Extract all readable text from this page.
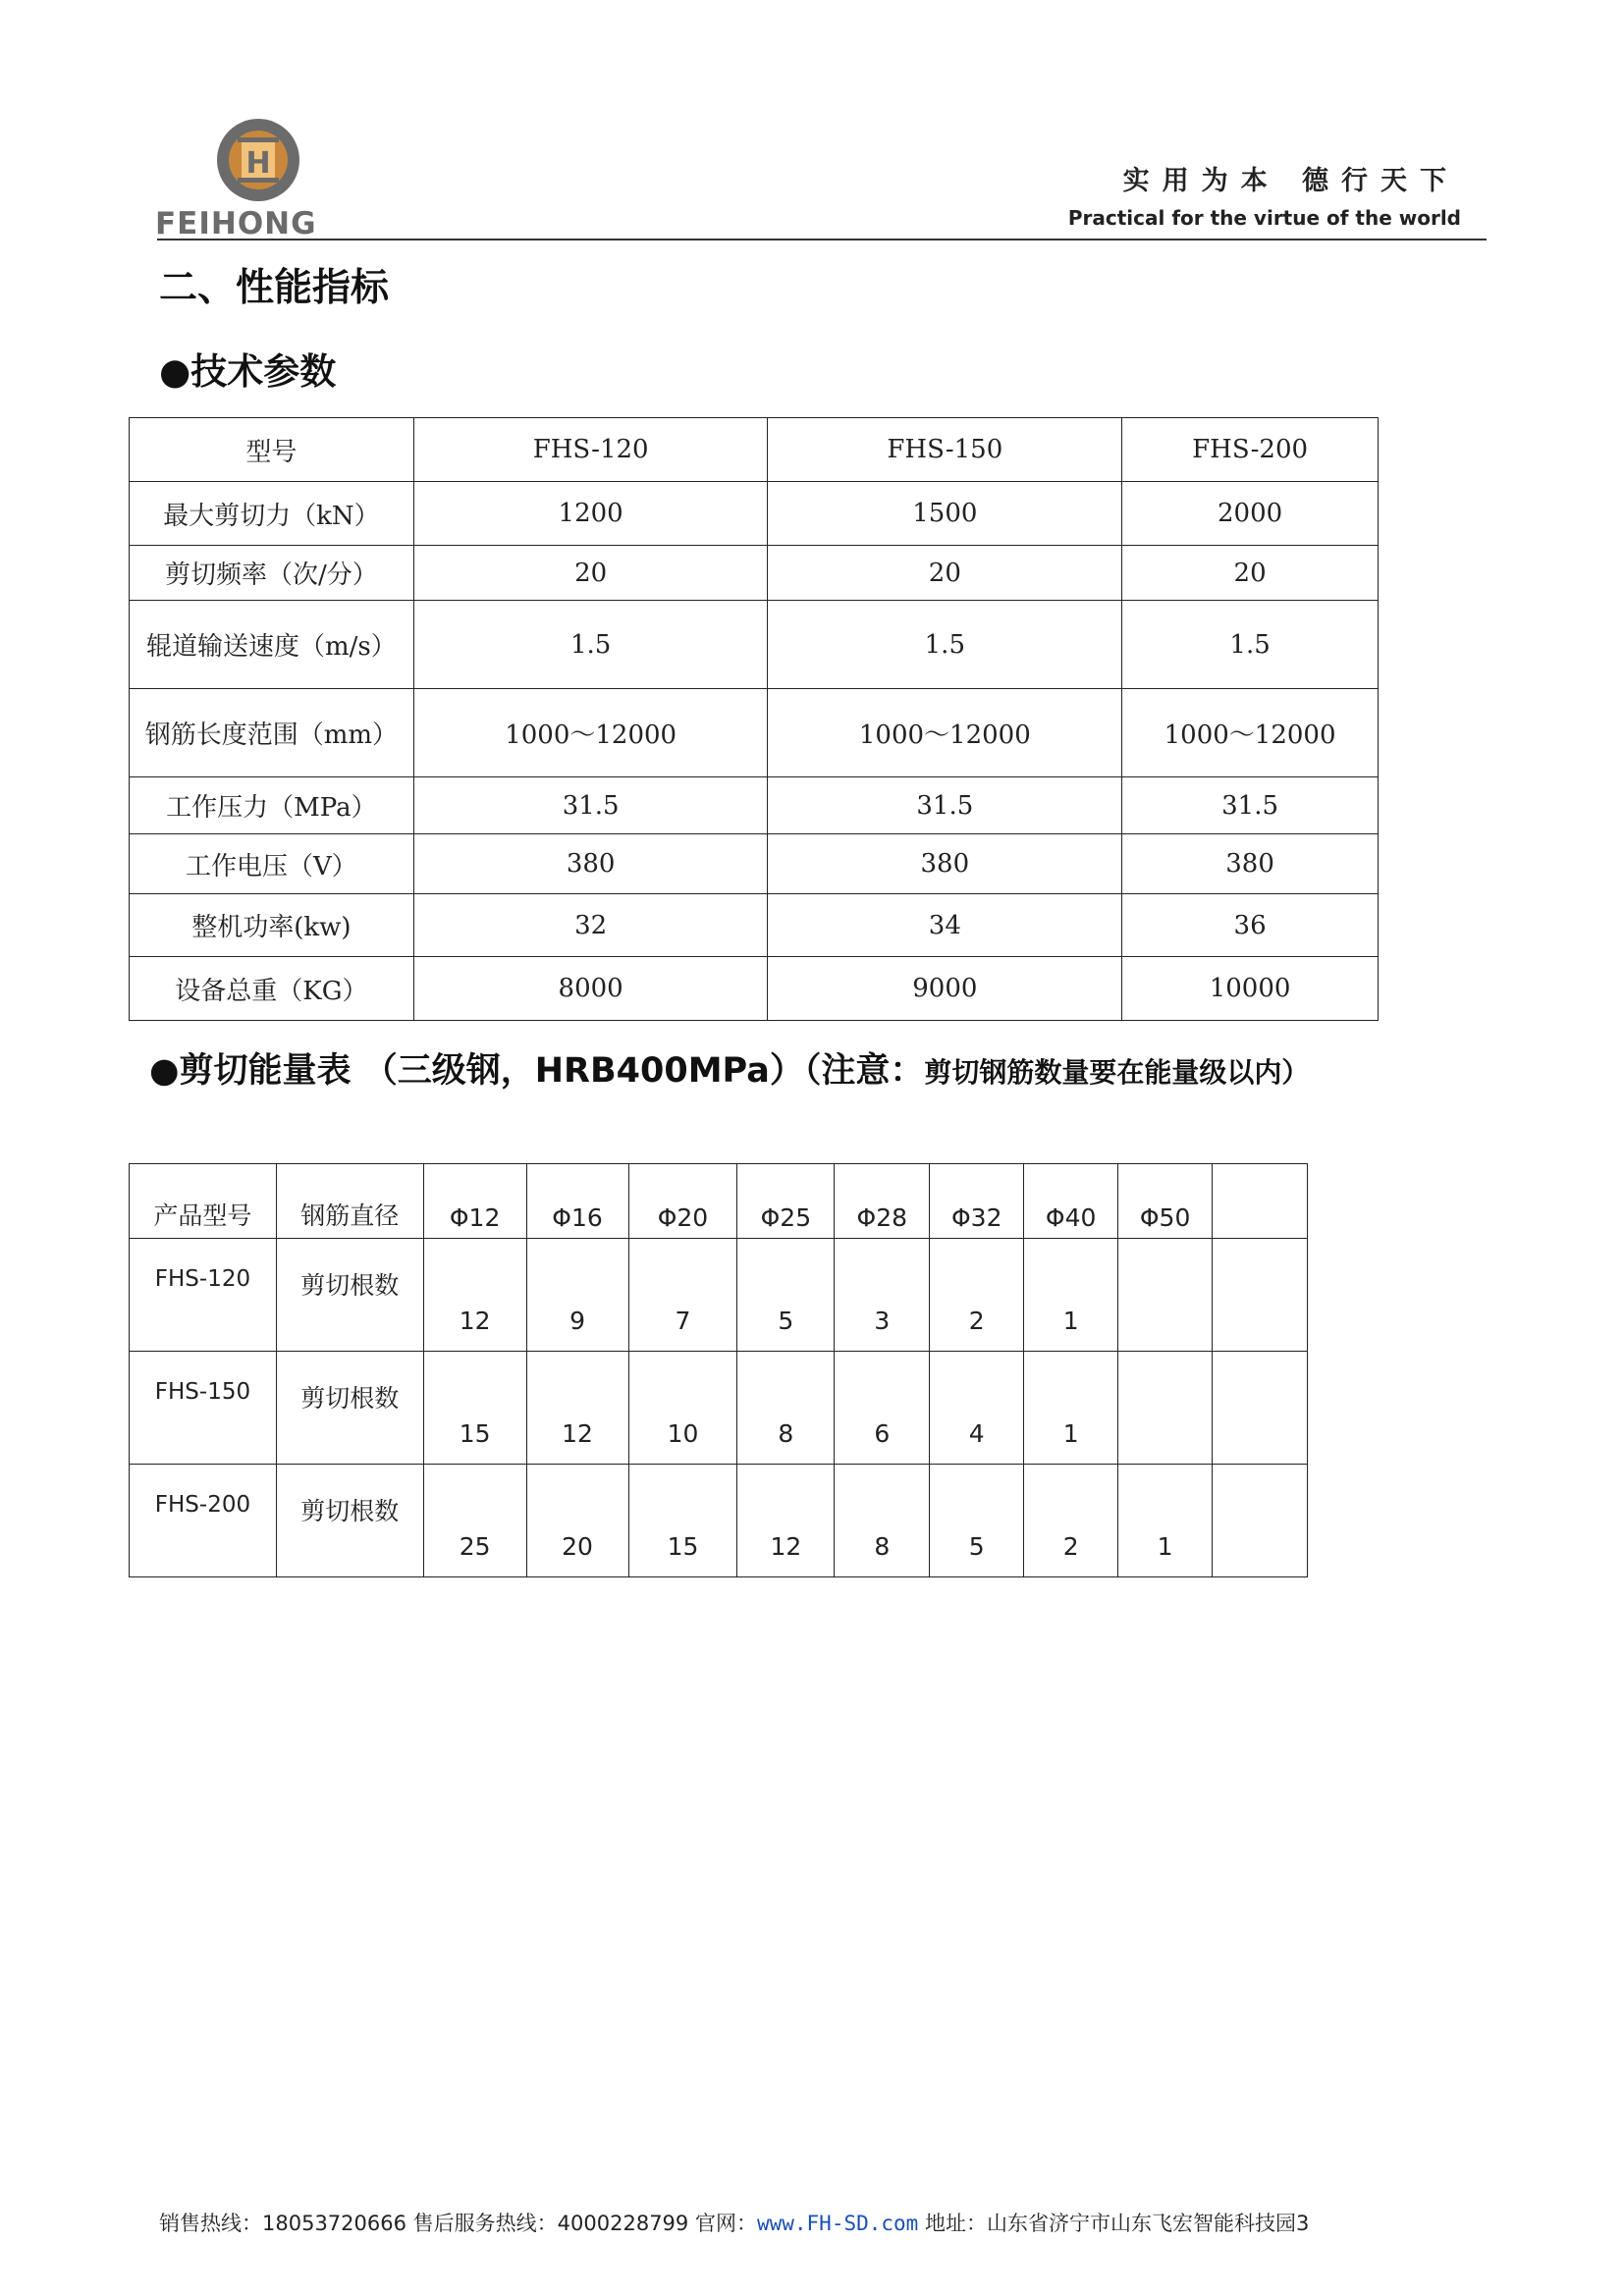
H
FEIHONG
实用为本 德行天下
Practical for the virtue of the world
二、性能指标
●技术参数
型号	FHS-120	FHS-150	FHS-200
最大剪切力（kN）	1200	1500	2000
剪切频率（次/分）	20	20	20
辊道输送速度（m/s）	1.5	1.5	1.5
钢筋长度范围（mm）	1000～12000	1000～12000	1000～12000
工作压力（MPa）	31.5	31.5	31.5
工作电压（V）	380	380	380
整机功率(kw)	32	34	36
设备总重（KG）	8000	9000	10000
●剪切能量表 （三级钢，HRB400MPa）（注意：剪切钢筋数量要在能量级以内）
产品型号	钢筋直径	Φ12	Φ16	Φ20	Φ25	Φ28	Φ32	Φ40	Φ50	
FHS-120	剪切根数	12	9	7	5	3	2	1		
FHS-150	剪切根数	15	12	10	8	6	4	1		
FHS-200	剪切根数	25	20	15	12	8	5	2	1	
销售热线：18053720666 售后服务热线：4000228799 官网：www.FH-SD.com 地址：山东省济宁市山东飞宏智能科技园3
